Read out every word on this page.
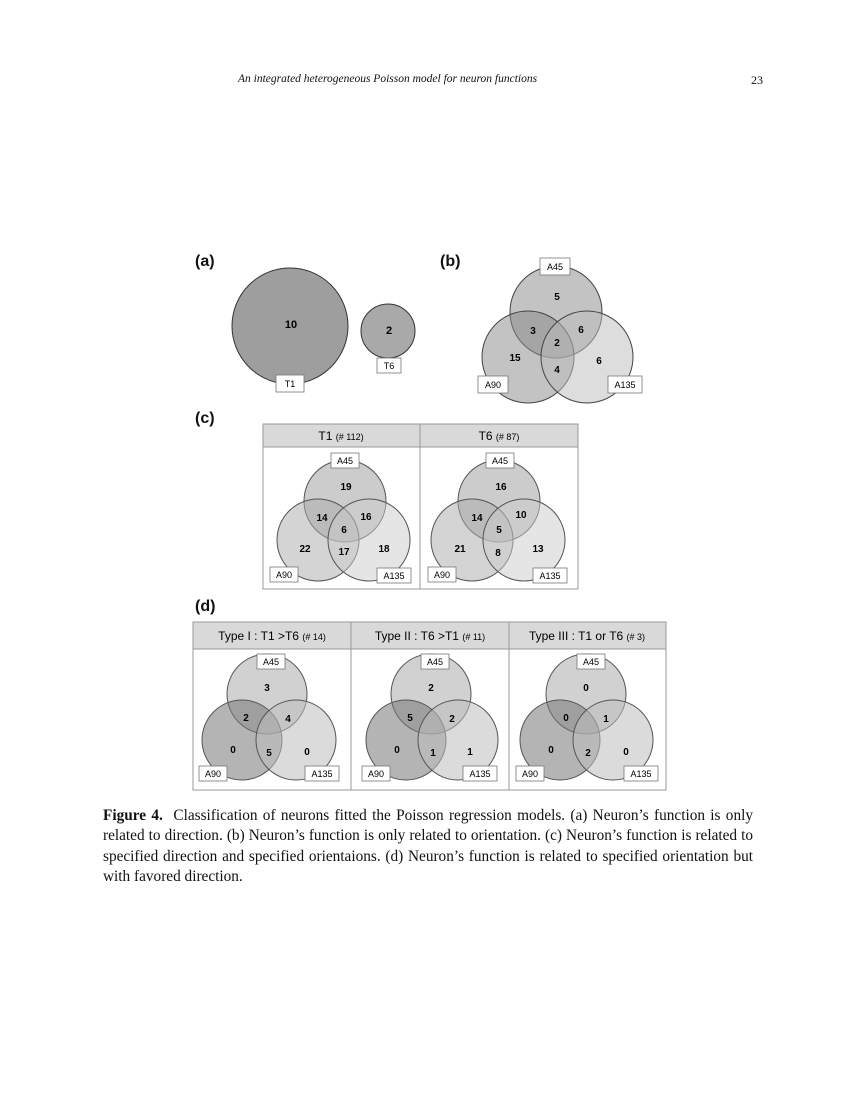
An integrated heterogeneous Poisson model for neuron functions	23
(a)
10	2
T1
T6
(b)
5
3	6
2
15	6
4
A45
A90	A135
(c)
T1 (# 112)	T6 (# 87)
19
14	16
6
22	18
17
A45
A90	A135
16
14	10
5
21	13
8
A45
A90	A135
(d)
Type I : T1 >T6 (# 14)	Type II : T6 >T1 (# 11)	Type III : T1 or T6 (# 3)
3
2	4
0	5	0
A45
A90	A135
2
5	2
0	1	1
A45
A90	A135
0
0	1
0	2	0
A45
A90	A135
Figure 4. Classification of neurons fitted the Poisson regression models. (a) Neuron’s function is only related to direction. (b) Neuron’s function is only related to orientation. (c) Neuron’s function is related to specified direction and specified orientaions. (d) Neuron’s function is related to specified orientation but with favored direction.
